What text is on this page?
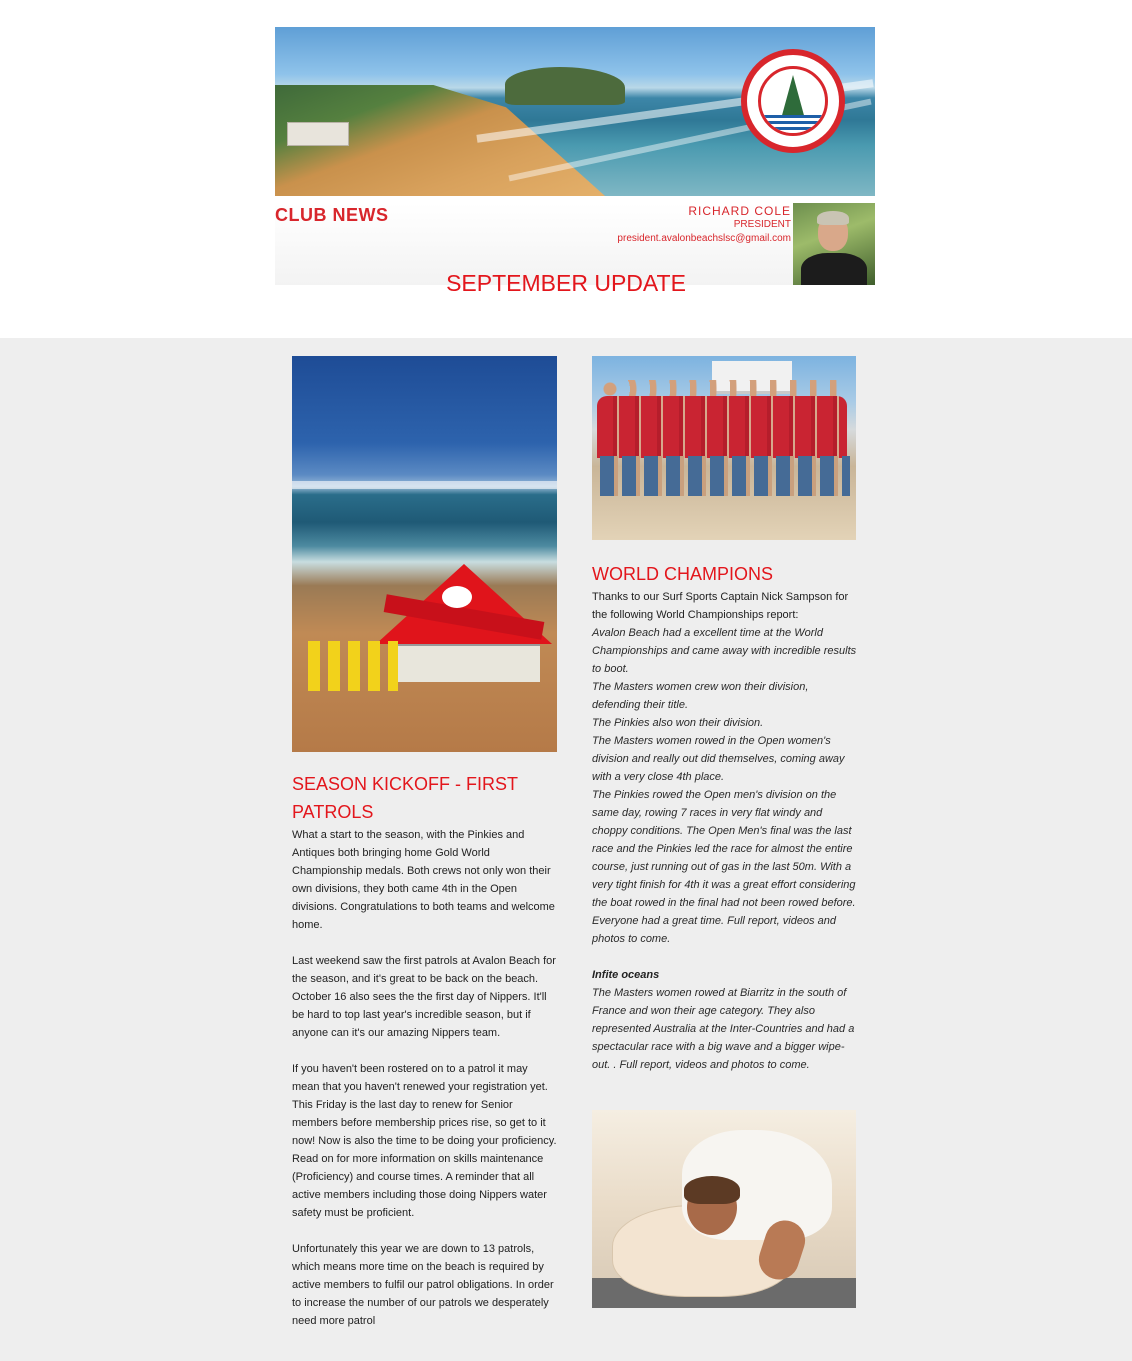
CLUB NEWS	RICHARD COLE
PRESIDENT
president.avalonbeachslsc@gmail.com
SEPTEMBER UPDATE
SEASON KICKOFF - FIRST PATROLS

What a start to the season, with the Pinkies and Antiques both bringing home Gold World Championship medals. Both crews not only won their own divisions, they both came 4th in the Open divisions. Congratulations to both teams and welcome home.

Last weekend saw the first patrols at Avalon Beach for the season, and it's great to be back on the beach. October 16 also sees the the first day of Nippers. It'll be hard to top last year's incredible season, but if anyone can it's our amazing Nippers team.

If you haven't been rostered on to a patrol it may mean that you haven't renewed your registration yet. This Friday is the last day to renew for Senior members before membership prices rise, so get to it now! Now is also the time to be doing your proficiency. Read on for more information on skills maintenance (Proficiency) and course times. A reminder that all active members including those doing Nippers water safety must be proficient.

Unfortunately this year we are down to 13 patrols, which means more time on the beach is required by active members to fulfil our patrol obligations. In order to increase the number of our patrols we desperately need more patrol

WORLD CHAMPIONS

Thanks to our Surf Sports Captain Nick Sampson for the following World Championships report:

Avalon Beach had a excellent time at the World Championships and came away with incredible results to boot.

The Masters women crew won their division, defending their title.

The Pinkies also won their division.

The Masters women rowed in the Open women's division and really out did themselves, coming away with a very close 4th place.

The Pinkies rowed the Open men's division on the same day, rowing 7 races in very flat windy and choppy conditions. The Open Men's final was the last race and the Pinkies led the race for almost the entire course, just running out of gas in the last 50m. With a very tight finish for 4th it was a great effort considering the boat rowed in the final had not been rowed before. Everyone had a great time. Full report, videos and photos to come.

Infite oceans

The Masters women rowed at Biarritz in the south of France and won their age category. They also represented Australia at the Inter-Countries and had a spectacular race with a big wave and a bigger wipe-out. . Full report, videos and photos to come.
